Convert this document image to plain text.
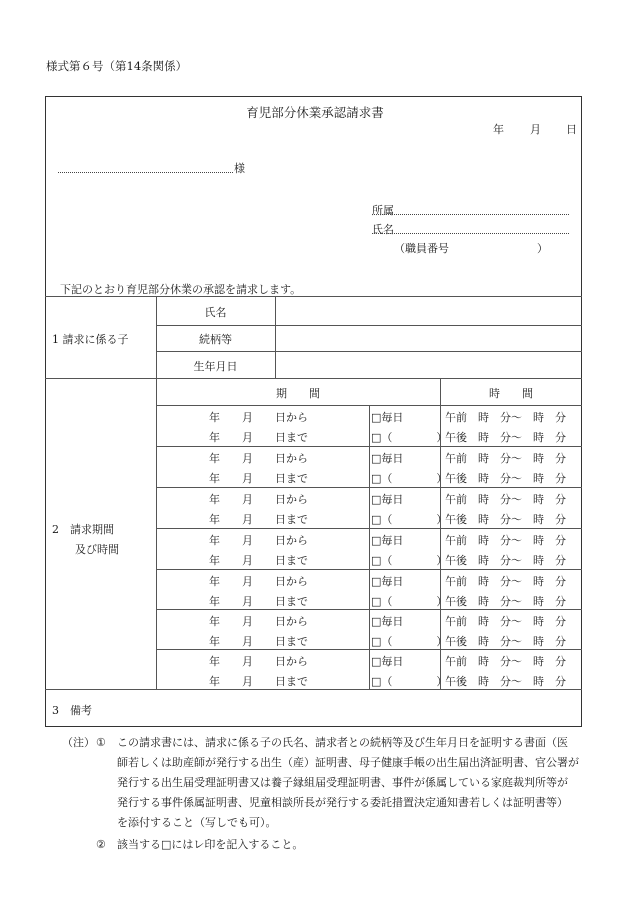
様式第６号（第14条関係）
育児部分休業承認請求書
年 月 日
様
所属
氏名
（職員番号　　　　　　　　）
下記のとおり育児部分休業の承認を請求します。
1 請求に係る子
氏名
続柄等
生年月日
2　請求期間
及び時間
期　　間	時　　間
年　　月　　日から
年　　月　　日まで
□毎日
□（　　　　）
午前　時　分～　時　分
午後　時　分～　時　分
年　　月　　日から
年　　月　　日まで
□毎日
□（　　　　）
午前　時　分～　時　分
午後　時　分～　時　分
年　　月　　日から
年　　月　　日まで
□毎日
□（　　　　）
午前　時　分～　時　分
午後　時　分～　時　分
年　　月　　日から
年　　月　　日まで
□毎日
□（　　　　）
午前　時　分～　時　分
午後　時　分～　時　分
年　　月　　日から
年　　月　　日まで
□毎日
□（　　　　）
午前　時　分～　時　分
午後　時　分～　時　分
年　　月　　日から
年　　月　　日まで
□毎日
□（　　　　）
午前　時　分～　時　分
午後　時　分～　時　分
年　　月　　日から
年　　月　　日まで
□毎日
□（　　　　）
午前　時　分～　時　分
午後　時　分～　時　分
3　備考
（注） ① この請求書には、請求に係る子の氏名、請求者との続柄等及び生年月日を証明する書面（医
師若しくは助産師が発行する出生（産）証明書、母子健康手帳の出生届出済証明書、官公署が
発行する出生届受理証明書又は養子縁組届受理証明書、事件が係属している家庭裁判所等が
発行する事件係属証明書、児童相談所長が発行する委託措置決定通知書若しくは証明書等）
を添付すること（写しでも可）。
② 該当する□にはレ印を記入すること。
